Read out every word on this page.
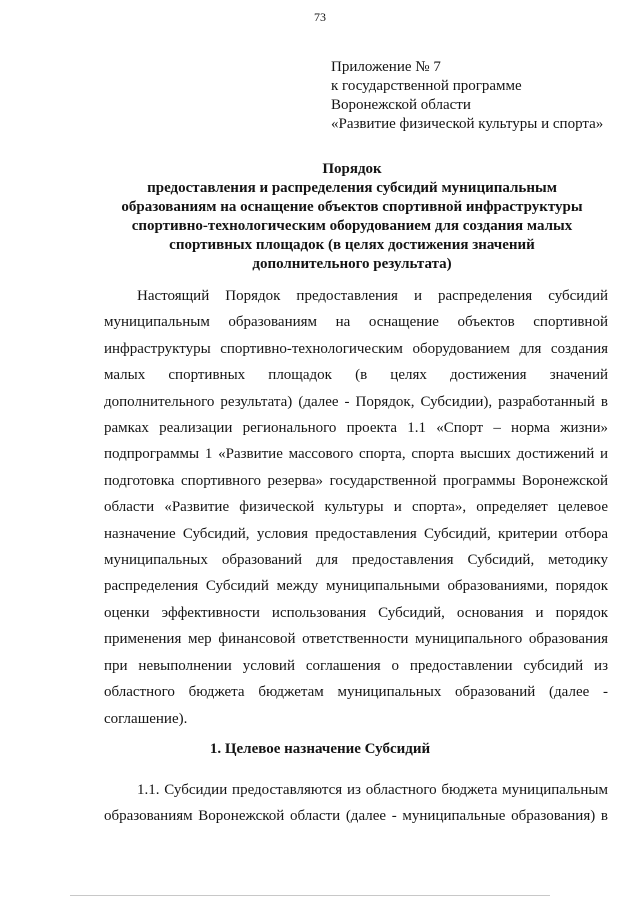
73
Приложение № 7
к государственной программе
Воронежской области
«Развитие физической культуры и спорта»
Порядок
предоставления и распределения субсидий муниципальным
образованиям на оснащение объектов спортивной инфраструктуры
спортивно-технологическим оборудованием для создания малых
спортивных площадок (в целях достижения значений
дополнительного результата)
Настоящий Порядок предоставления и распределения субсидий
муниципальным образованиям на оснащение объектов спортивной
инфраструктуры спортивно-технологическим оборудованием для создания
малых спортивных площадок (в целях достижения значений
дополнительного результата) (далее - Порядок, Субсидии), разработанный в
рамках реализации регионального проекта 1.1 «Спорт – норма жизни»
подпрограммы 1 «Развитие массового спорта, спорта высших достижений и
подготовка спортивного резерва» государственной программы Воронежской
области «Развитие физической культуры и спорта», определяет целевое
назначение Субсидий, условия предоставления Субсидий, критерии отбора
муниципальных образований для предоставления Субсидий, методику
распределения Субсидий между муниципальными образованиями, порядок
оценки эффективности использования Субсидий, основания и порядок
применения мер финансовой ответственности муниципального образования
при невыполнении условий соглашения о предоставлении субсидий из
областного бюджета бюджетам муниципальных образований (далее -
соглашение).
1. Целевое назначение Субсидий
1.1. Субсидии предоставляются из областного бюджета муниципальным
образованиям Воронежской области (далее - муниципальные образования) в
